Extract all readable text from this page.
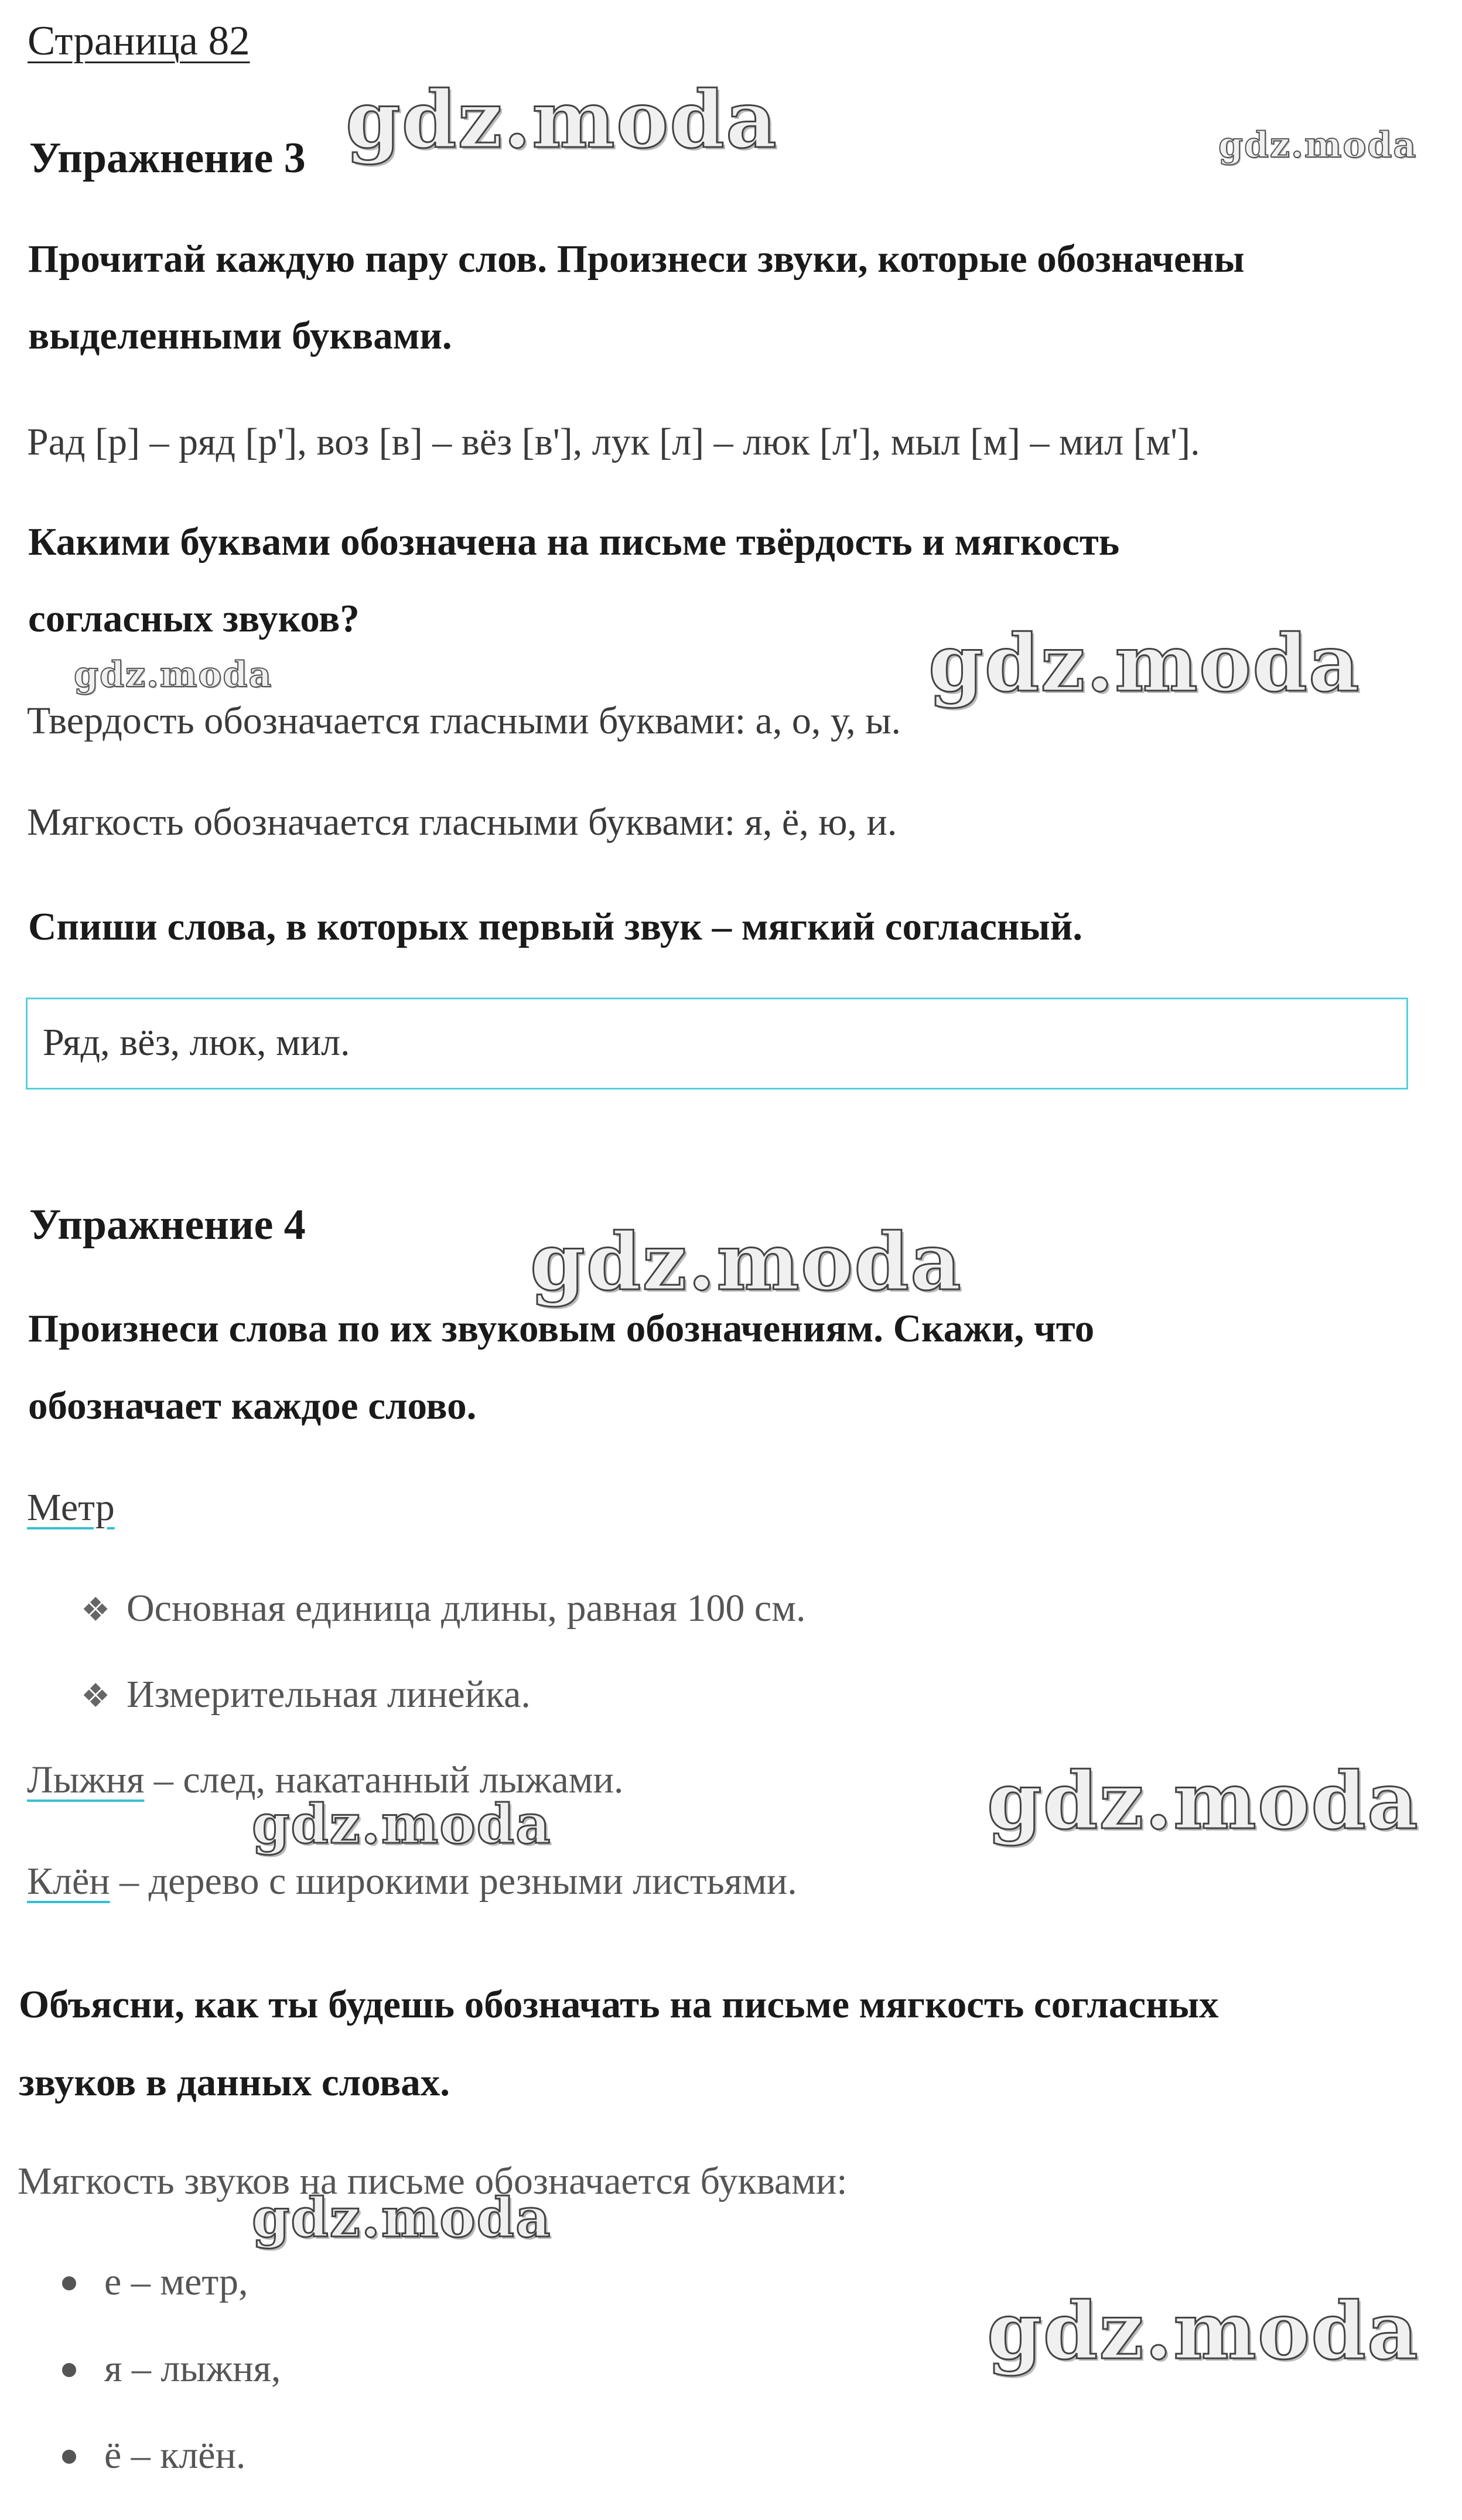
Страница 82
Упражнение 3
Прочитай каждую пару слов. Произнеси звуки, которые обозначены
выделенными буквами.
Рад [р] – ряд [р'], воз [в] – вёз [в'], лук [л] – люк [л'], мыл [м] – мил [м'].
Какими буквами обозначена на письме твёрдость и мягкость
согласных звуков?
Твердость обозначается гласными буквами: а, о, у, ы.
Мягкость обозначается гласными буквами: я, ё, ю, и.
Спиши слова, в которых первый звук – мягкий согласный.
Ряд, вёз, люк, мил.
Упражнение 4
Произнеси слова по их звуковым обозначениям. Скажи, что
обозначает каждое слово.
Метр
❖ Основная единица длины, равная 100 см.
❖ Измерительная линейка.
Лыжня – след, накатанный лыжами.
Клён – дерево с широкими резными листьями.
Объясни, как ты будешь обозначать на письме мягкость согласных
звуков в данных словах.
Мягкость звуков на письме обозначается буквами:
е – метр,
я – лыжня,
ё – клён.
gdz.moda	gdz.moda
gdz.moda	gdz.moda
gdz.moda
gdz.moda
gdz.moda
gdz.moda
gdz.moda
